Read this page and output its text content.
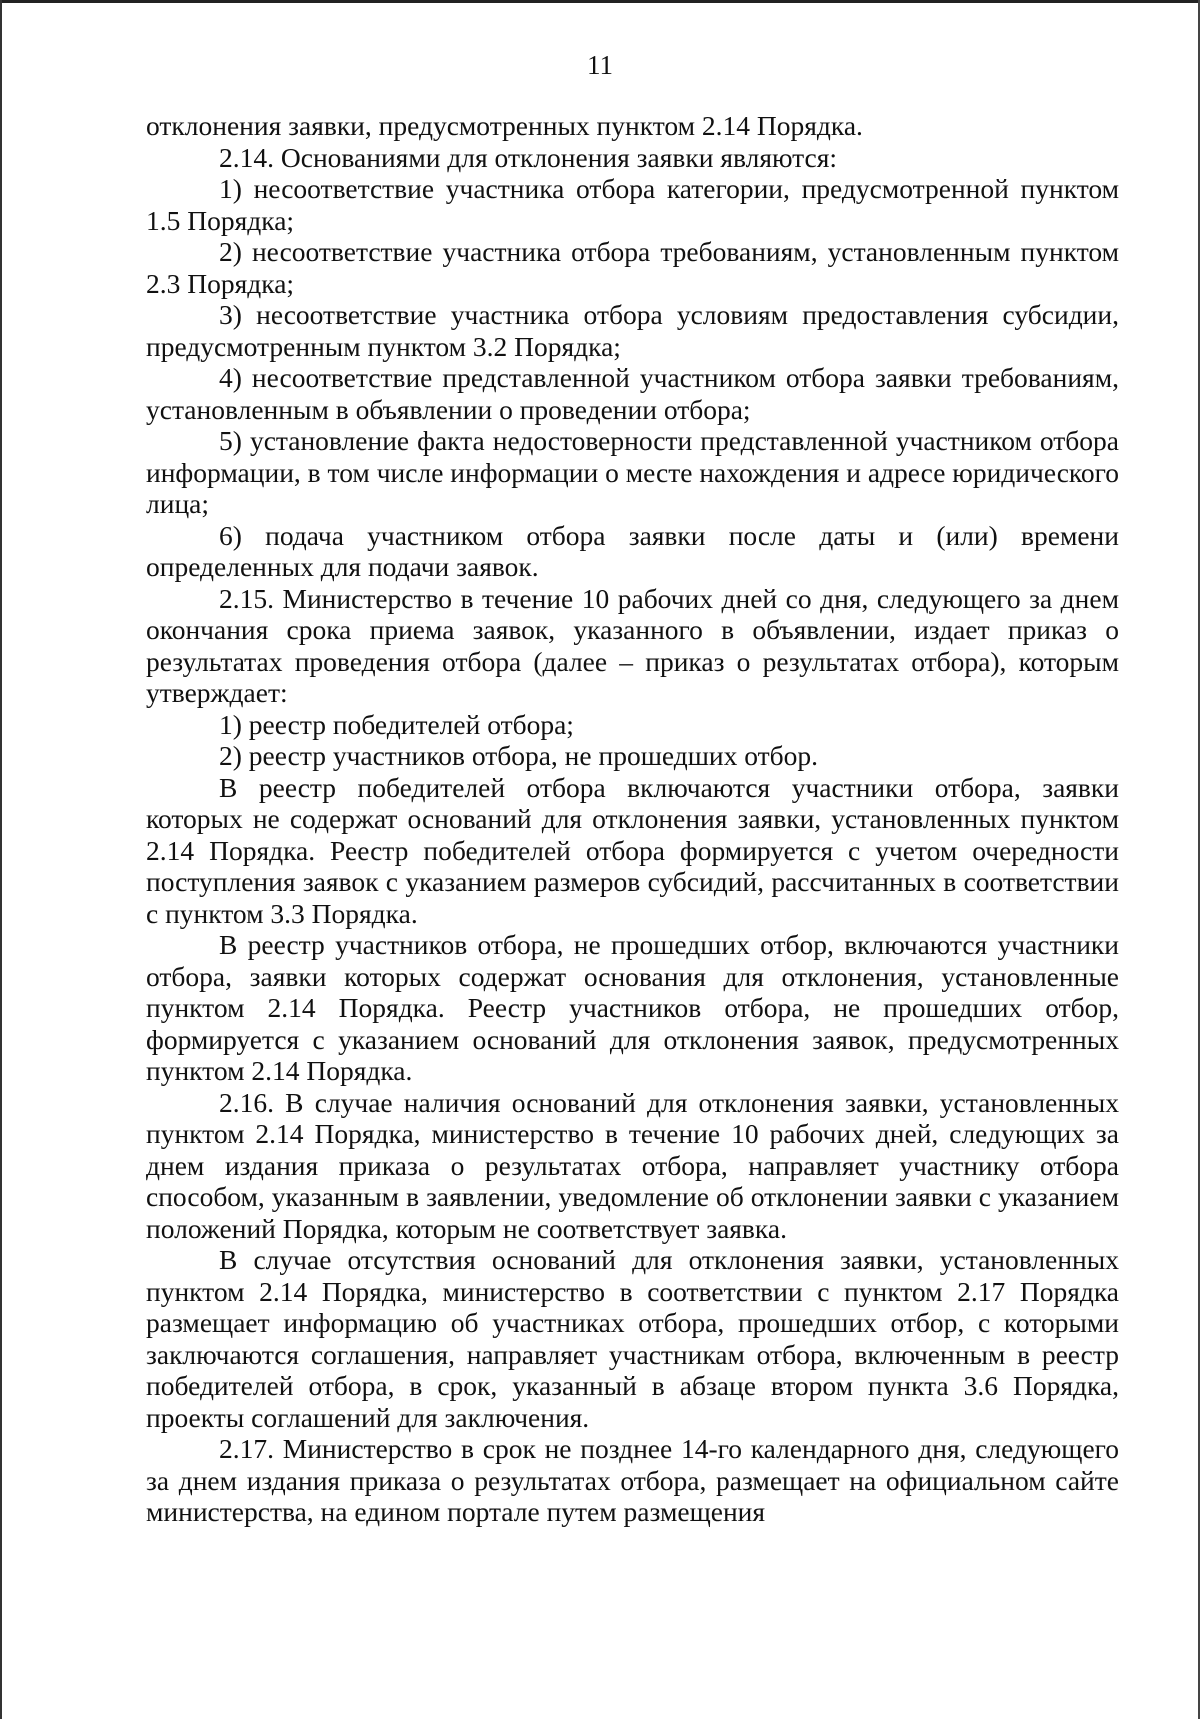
11

отклонения заявки, предусмотренных пунктом 2.14 Порядка.

2.14. Основаниями для отклонения заявки являются:

1) несоответствие участника отбора категории, предусмотренной пунктом 1.5 Порядка;

2) несоответствие участника отбора требованиям, установленным пунктом 2.3 Порядка;

3) несоответствие участника отбора условиям предоставления субсидии, предусмотренным пунктом 3.2 Порядка;

4) несоответствие представленной участником отбора заявки требованиям, установленным в объявлении о проведении отбора;

5) установление факта недостоверности представленной участником отбора информации, в том числе информации о месте нахождения и адресе юридического лица;

6) подача участником отбора заявки после даты и (или) времени определенных для подачи заявок.

2.15. Министерство в течение 10 рабочих дней со дня, следующего за днем окончания срока приема заявок, указанного в объявлении, издает приказ о результатах проведения отбора (далее – приказ о результатах отбора), которым утверждает:

1) реестр победителей отбора;

2) реестр участников отбора, не прошедших отбор.

В реестр победителей отбора включаются участники отбора, заявки которых не содержат оснований для отклонения заявки, установленных пунктом 2.14 Порядка. Реестр победителей отбора формируется с учетом очередности поступления заявок с указанием размеров субсидий, рассчитанных в соответствии с пунктом 3.3 Порядка.

В реестр участников отбора, не прошедших отбор, включаются участники отбора, заявки которых содержат основания для отклонения, установленные пунктом 2.14 Порядка. Реестр участников отбора, не прошедших отбор, формируется с указанием оснований для отклонения заявок, предусмотренных пунктом 2.14 Порядка.

2.16. В случае наличия оснований для отклонения заявки, установленных пунктом 2.14 Порядка, министерство в течение 10 рабочих дней, следующих за днем издания приказа о результатах отбора, направляет участнику отбора способом, указанным в заявлении, уведомление об отклонении заявки с указанием положений Порядка, которым не соответствует заявка.

В случае отсутствия оснований для отклонения заявки, установленных пунктом 2.14 Порядка, министерство в соответствии с пунктом 2.17 Порядка размещает информацию об участниках отбора, прошедших отбор, с которыми заключаются соглашения, направляет участникам отбора, включенным в реестр победителей отбора, в срок, указанный в абзаце втором пункта 3.6 Порядка, проекты соглашений для заключения.

2.17. Министерство в срок не позднее 14-го календарного дня, следующего за днем издания приказа о результатах отбора, размещает на официальном сайте министерства, на едином портале путем размещения
